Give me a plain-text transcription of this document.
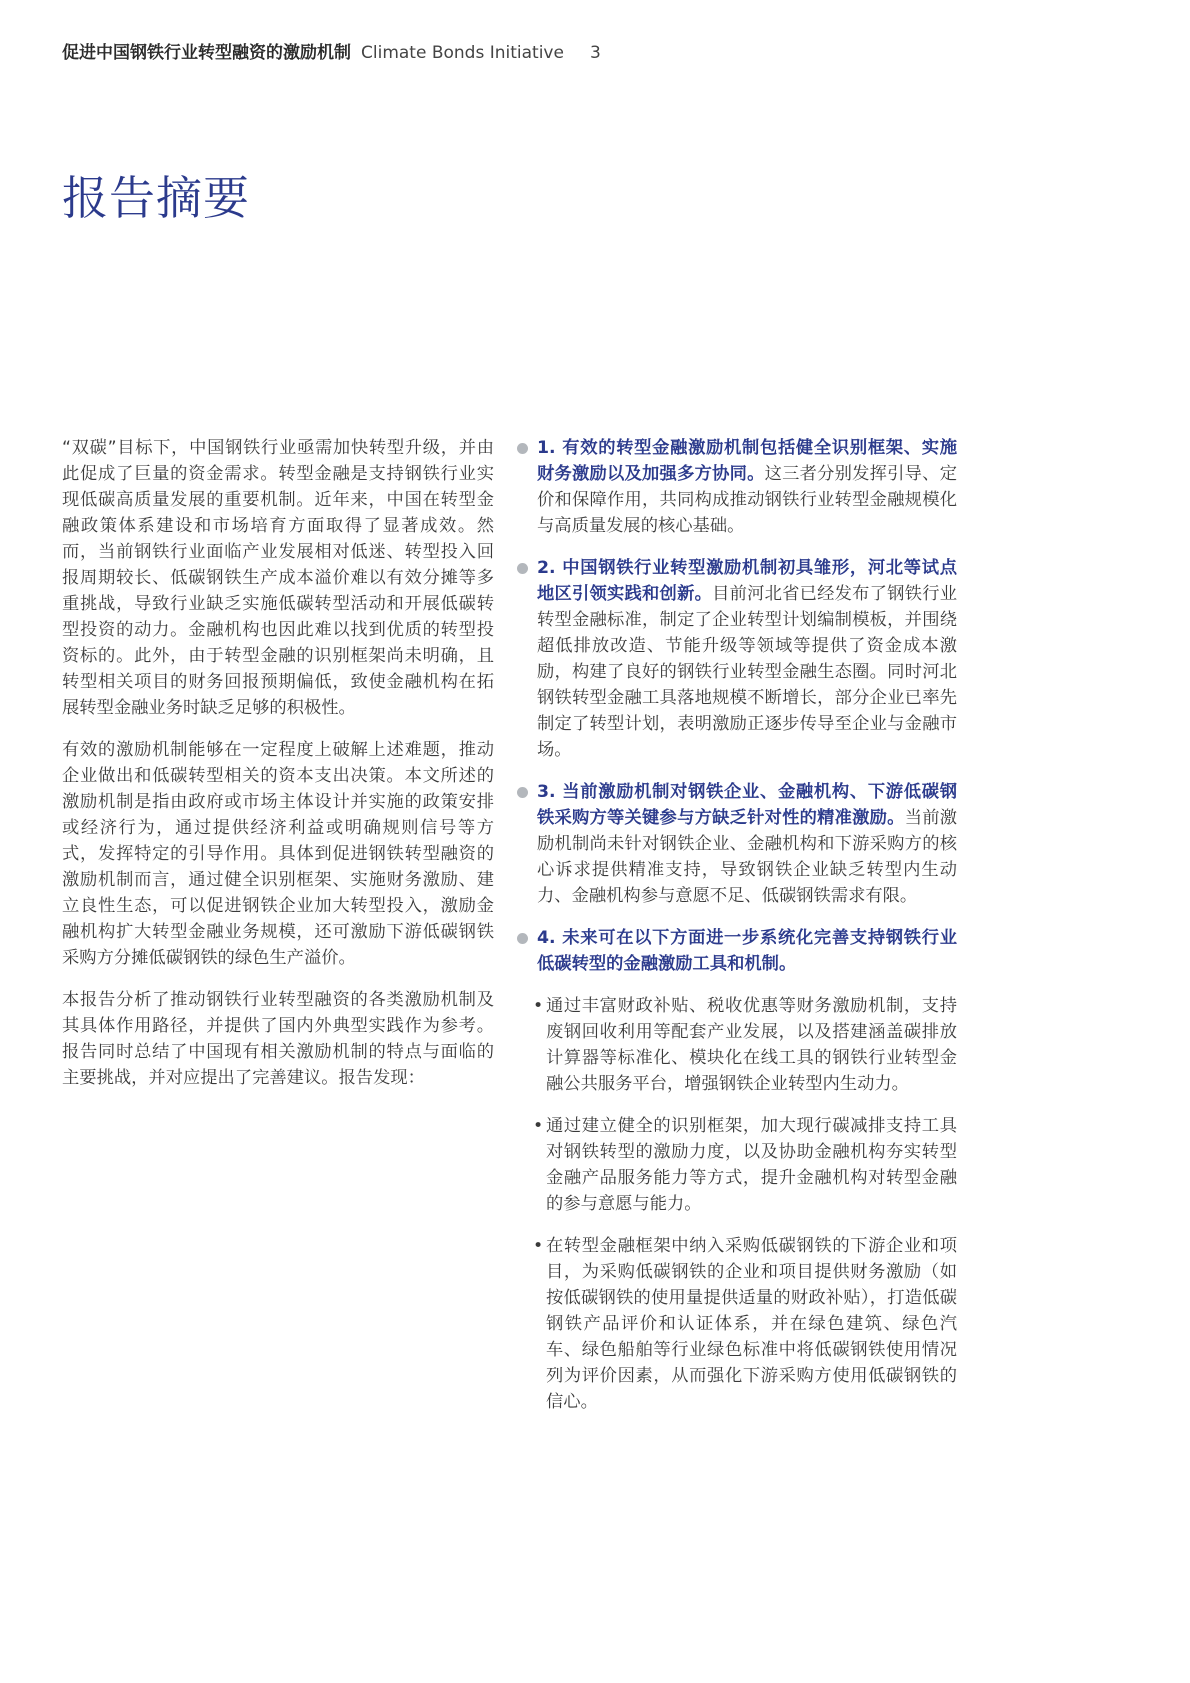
促进中国钢铁行业转型融资的激励机制 Climate Bonds Initiative 3
报告摘要

“双碳”目标下，中国钢铁行业亟需加快转型升级，并由此促成了巨量的资金需求。转型金融是支持钢铁行业实现低碳高质量发展的重要机制。近年来，中国在转型金融政策体系建设和市场培育方面取得了显著成效。然而，当前钢铁行业面临产业发展相对低迷、转型投入回报周期较长、低碳钢铁生产成本溢价难以有效分摊等多重挑战，导致行业缺乏实施低碳转型活动和开展低碳转型投资的动力。金融机构也因此难以找到优质的转型投资标的。此外，由于转型金融的识别框架尚未明确，且转型相关项目的财务回报预期偏低，致使金融机构在拓展转型金融业务时缺乏足够的积极性。

有效的激励机制能够在一定程度上破解上述难题，推动企业做出和低碳转型相关的资本支出决策。本文所述的激励机制是指由政府或市场主体设计并实施的政策安排或经济行为，通过提供经济利益或明确规则信号等方式，发挥特定的引导作用。具体到促进钢铁转型融资的激励机制而言，通过健全识别框架、实施财务激励、建立良性生态，可以促进钢铁企业加大转型投入，激励金融机构扩大转型金融业务规模，还可激励下游低碳钢铁采购方分摊低碳钢铁的绿色生产溢价。

本报告分析了推动钢铁行业转型融资的各类激励机制及其具体作用路径，并提供了国内外典型实践作为参考。报告同时总结了中国现有相关激励机制的特点与面临的主要挑战，并对应提出了完善建议。报告发现：

1. 有效的转型金融激励机制包括健全识别框架、实施财务激励以及加强多方协同。这三者分别发挥引导、定价和保障作用，共同构成推动钢铁行业转型金融规模化与高质量发展的核心基础。
2. 中国钢铁行业转型激励机制初具雏形，河北等试点地区引领实践和创新。目前河北省已经发布了钢铁行业转型金融标准，制定了企业转型计划编制模板，并围绕超低排放改造、节能升级等领域等提供了资金成本激励，构建了良好的钢铁行业转型金融生态圈。同时河北钢铁转型金融工具落地规模不断增长，部分企业已率先制定了转型计划，表明激励正逐步传导至企业与金融市场。
3. 当前激励机制对钢铁企业、金融机构、下游低碳钢铁采购方等关键参与方缺乏针对性的精准激励。当前激励机制尚未针对钢铁企业、金融机构和下游采购方的核心诉求提供精准支持，导致钢铁企业缺乏转型内生动力、金融机构参与意愿不足、低碳钢铁需求有限。
4. 未来可在以下方面进一步系统化完善支持钢铁行业低碳转型的金融激励工具和机制。
• 通过丰富财政补贴、税收优惠等财务激励机制，支持废钢回收利用等配套产业发展，以及搭建涵盖碳排放计算器等标准化、模块化在线工具的钢铁行业转型金融公共服务平台，增强钢铁企业转型内生动力。
• 通过建立健全的识别框架，加大现行碳减排支持工具对钢铁转型的激励力度，以及协助金融机构夯实转型金融产品服务能力等方式，提升金融机构对转型金融的参与意愿与能力。
• 在转型金融框架中纳入采购低碳钢铁的下游企业和项目，为采购低碳钢铁的企业和项目提供财务激励（如按低碳钢铁的使用量提供适量的财政补贴），打造低碳钢铁产品评价和认证体系，并在绿色建筑、绿色汽车、绿色船舶等行业绿色标准中将低碳钢铁使用情况列为评价因素，从而强化下游采购方使用低碳钢铁的信心。
